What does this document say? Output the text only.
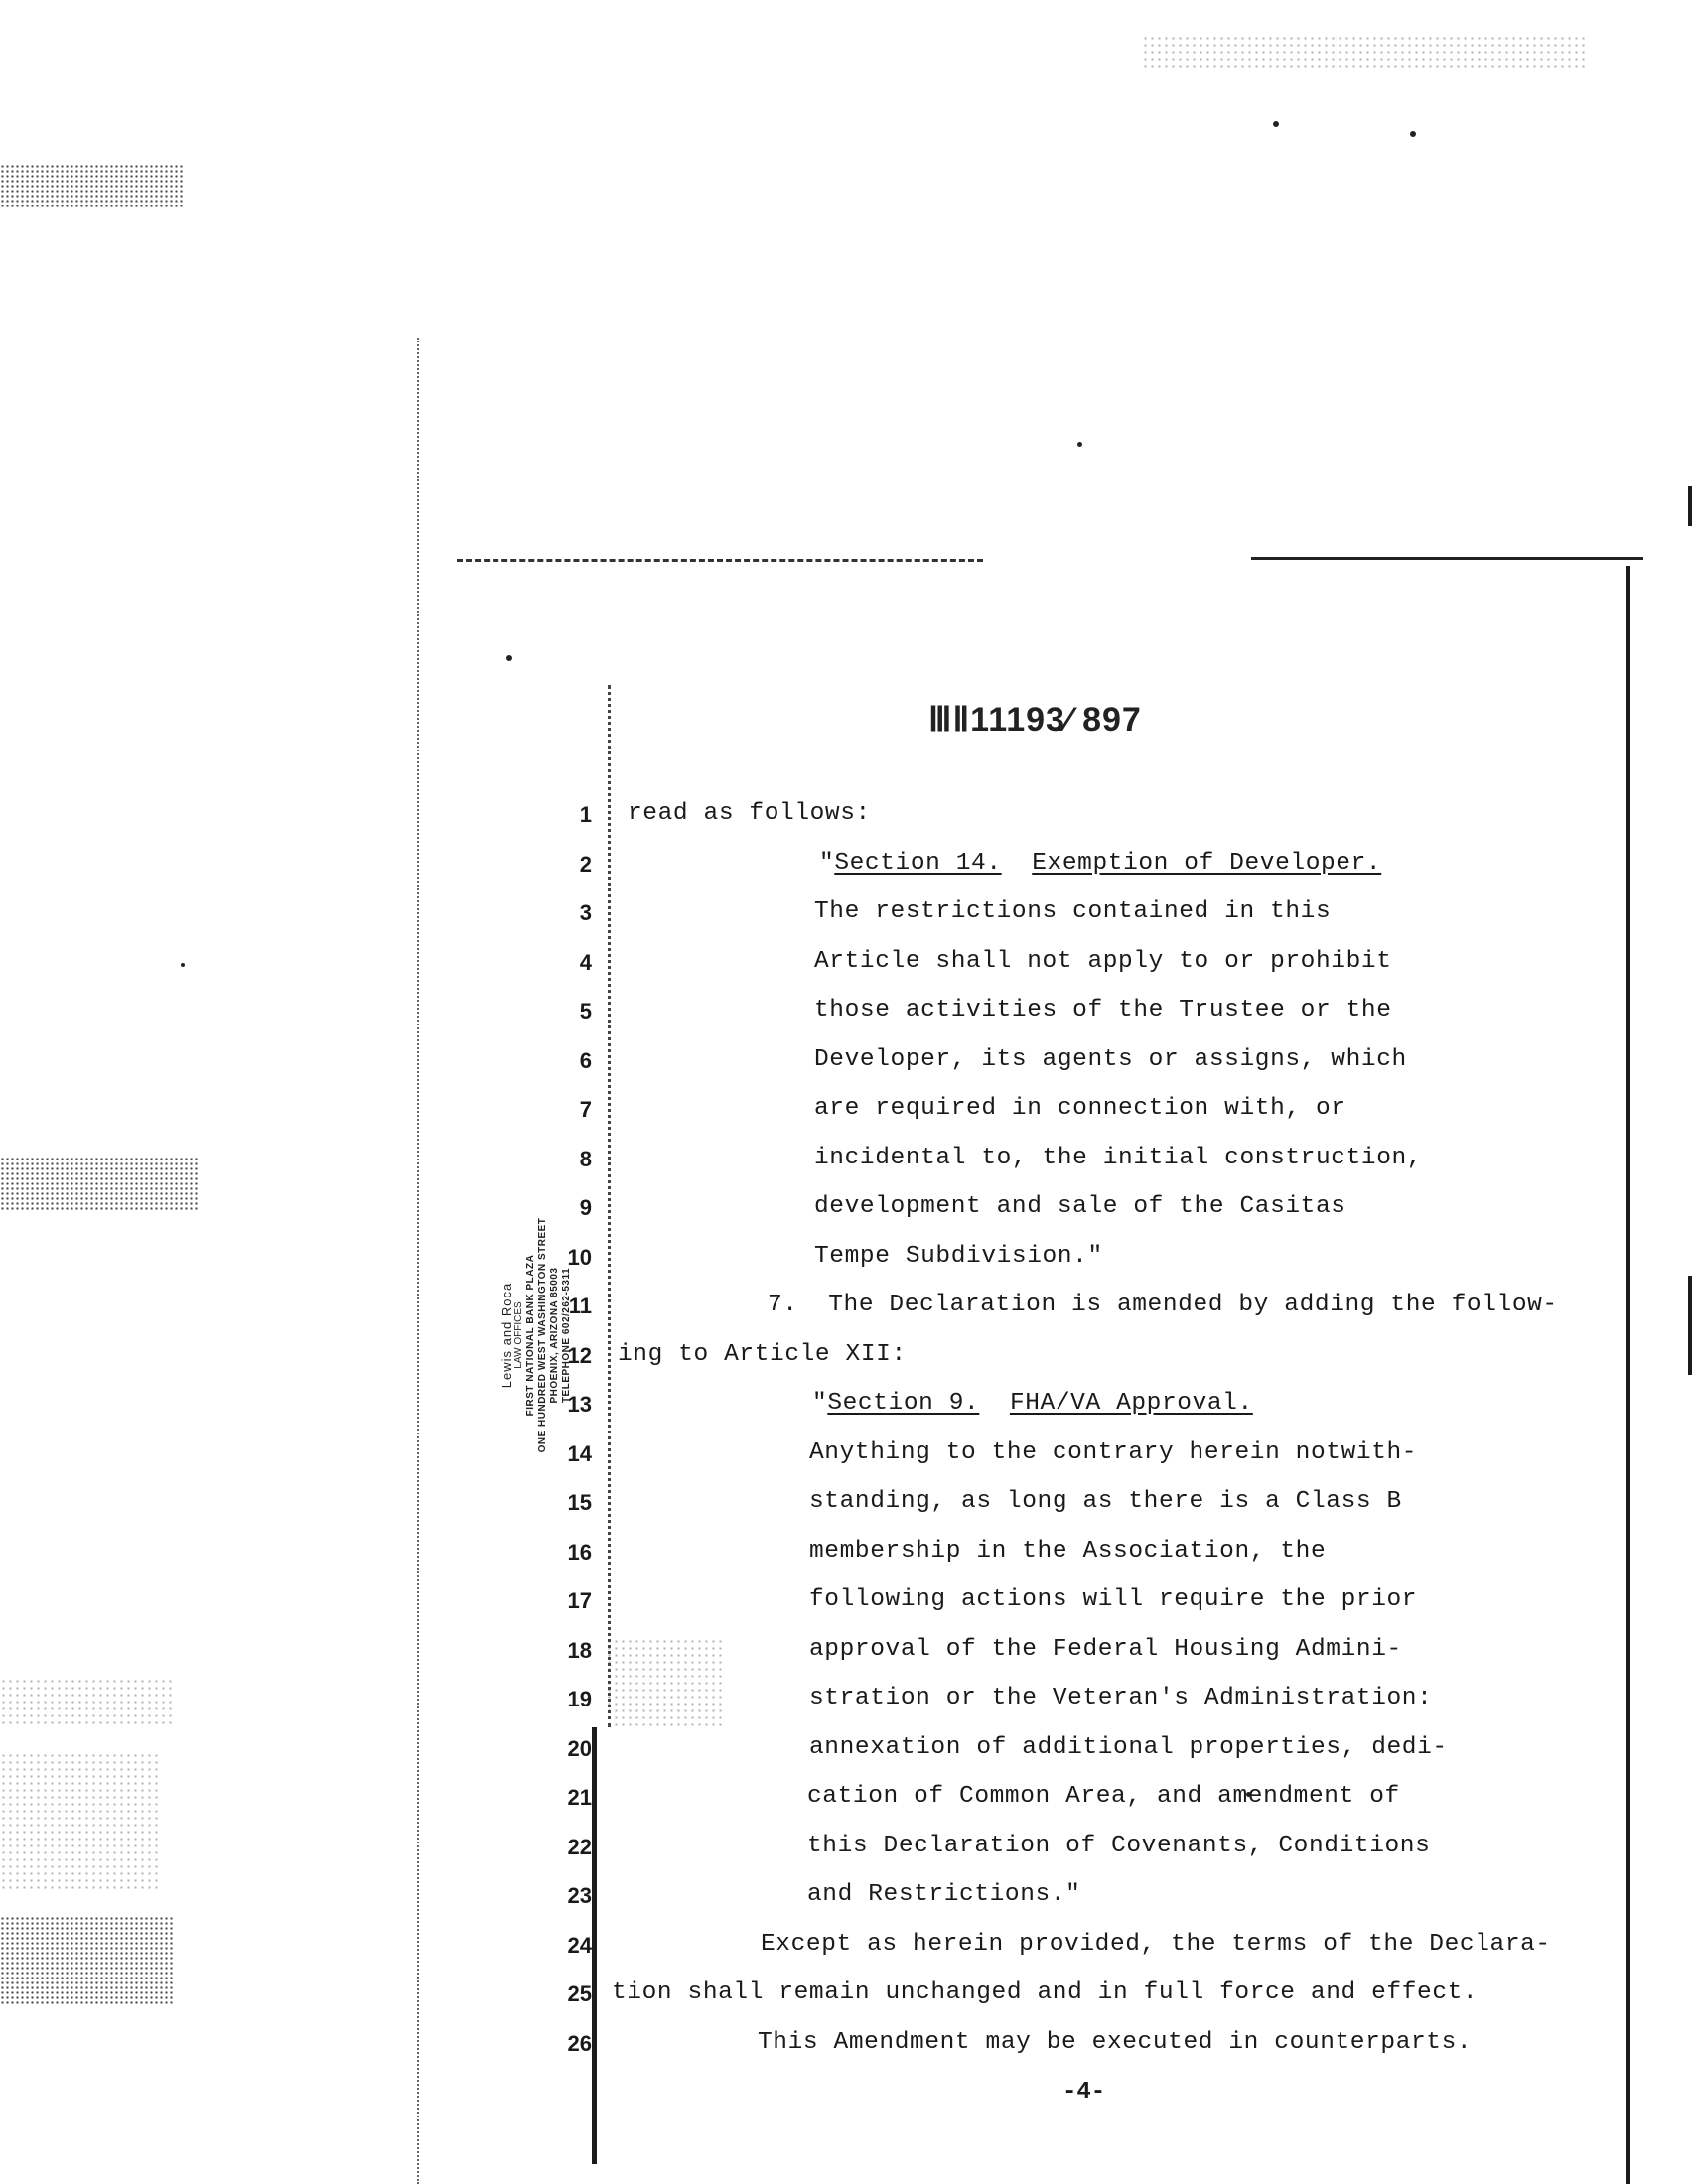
ⅢⅡ11193⁄ 897
Lewis and Roca LAW OFFICES FIRST NATIONAL BANK PLAZA ONE HUNDRED WEST WASHINGTON STREET PHOENIX, ARIZONA 85003 TELEPHONE 602/262-5311
1
2
3
4
5
6
7
8
9
10
11
12
13
14
15
16
17
18
19
20
21
22
23
24
25
26
read as follows:
"Section 14. Exemption of Developer.
The restrictions contained in this
Article shall not apply to or prohibit
those activities of the Trustee or the
Developer, its agents or assigns, which
are required in connection with, or
incidental to, the initial construction,
development and sale of the Casitas
Tempe Subdivision."
7.  The Declaration is amended by adding the follow-
ing to Article XII:
"Section 9. FHA/VA Approval.
Anything to the contrary herein notwith-
standing, as long as there is a Class B
membership in the Association, the
following actions will require the prior
approval of the Federal Housing Admini-
stration or the Veteran's Administration:
annexation of additional properties, dedi-
cation of Common Area, and amendment of
this Declaration of Covenants, Conditions
and Restrictions."
Except as herein provided, the terms of the Declara-
tion shall remain unchanged and in full force and effect.
This Amendment may be executed in counterparts.
-4-
